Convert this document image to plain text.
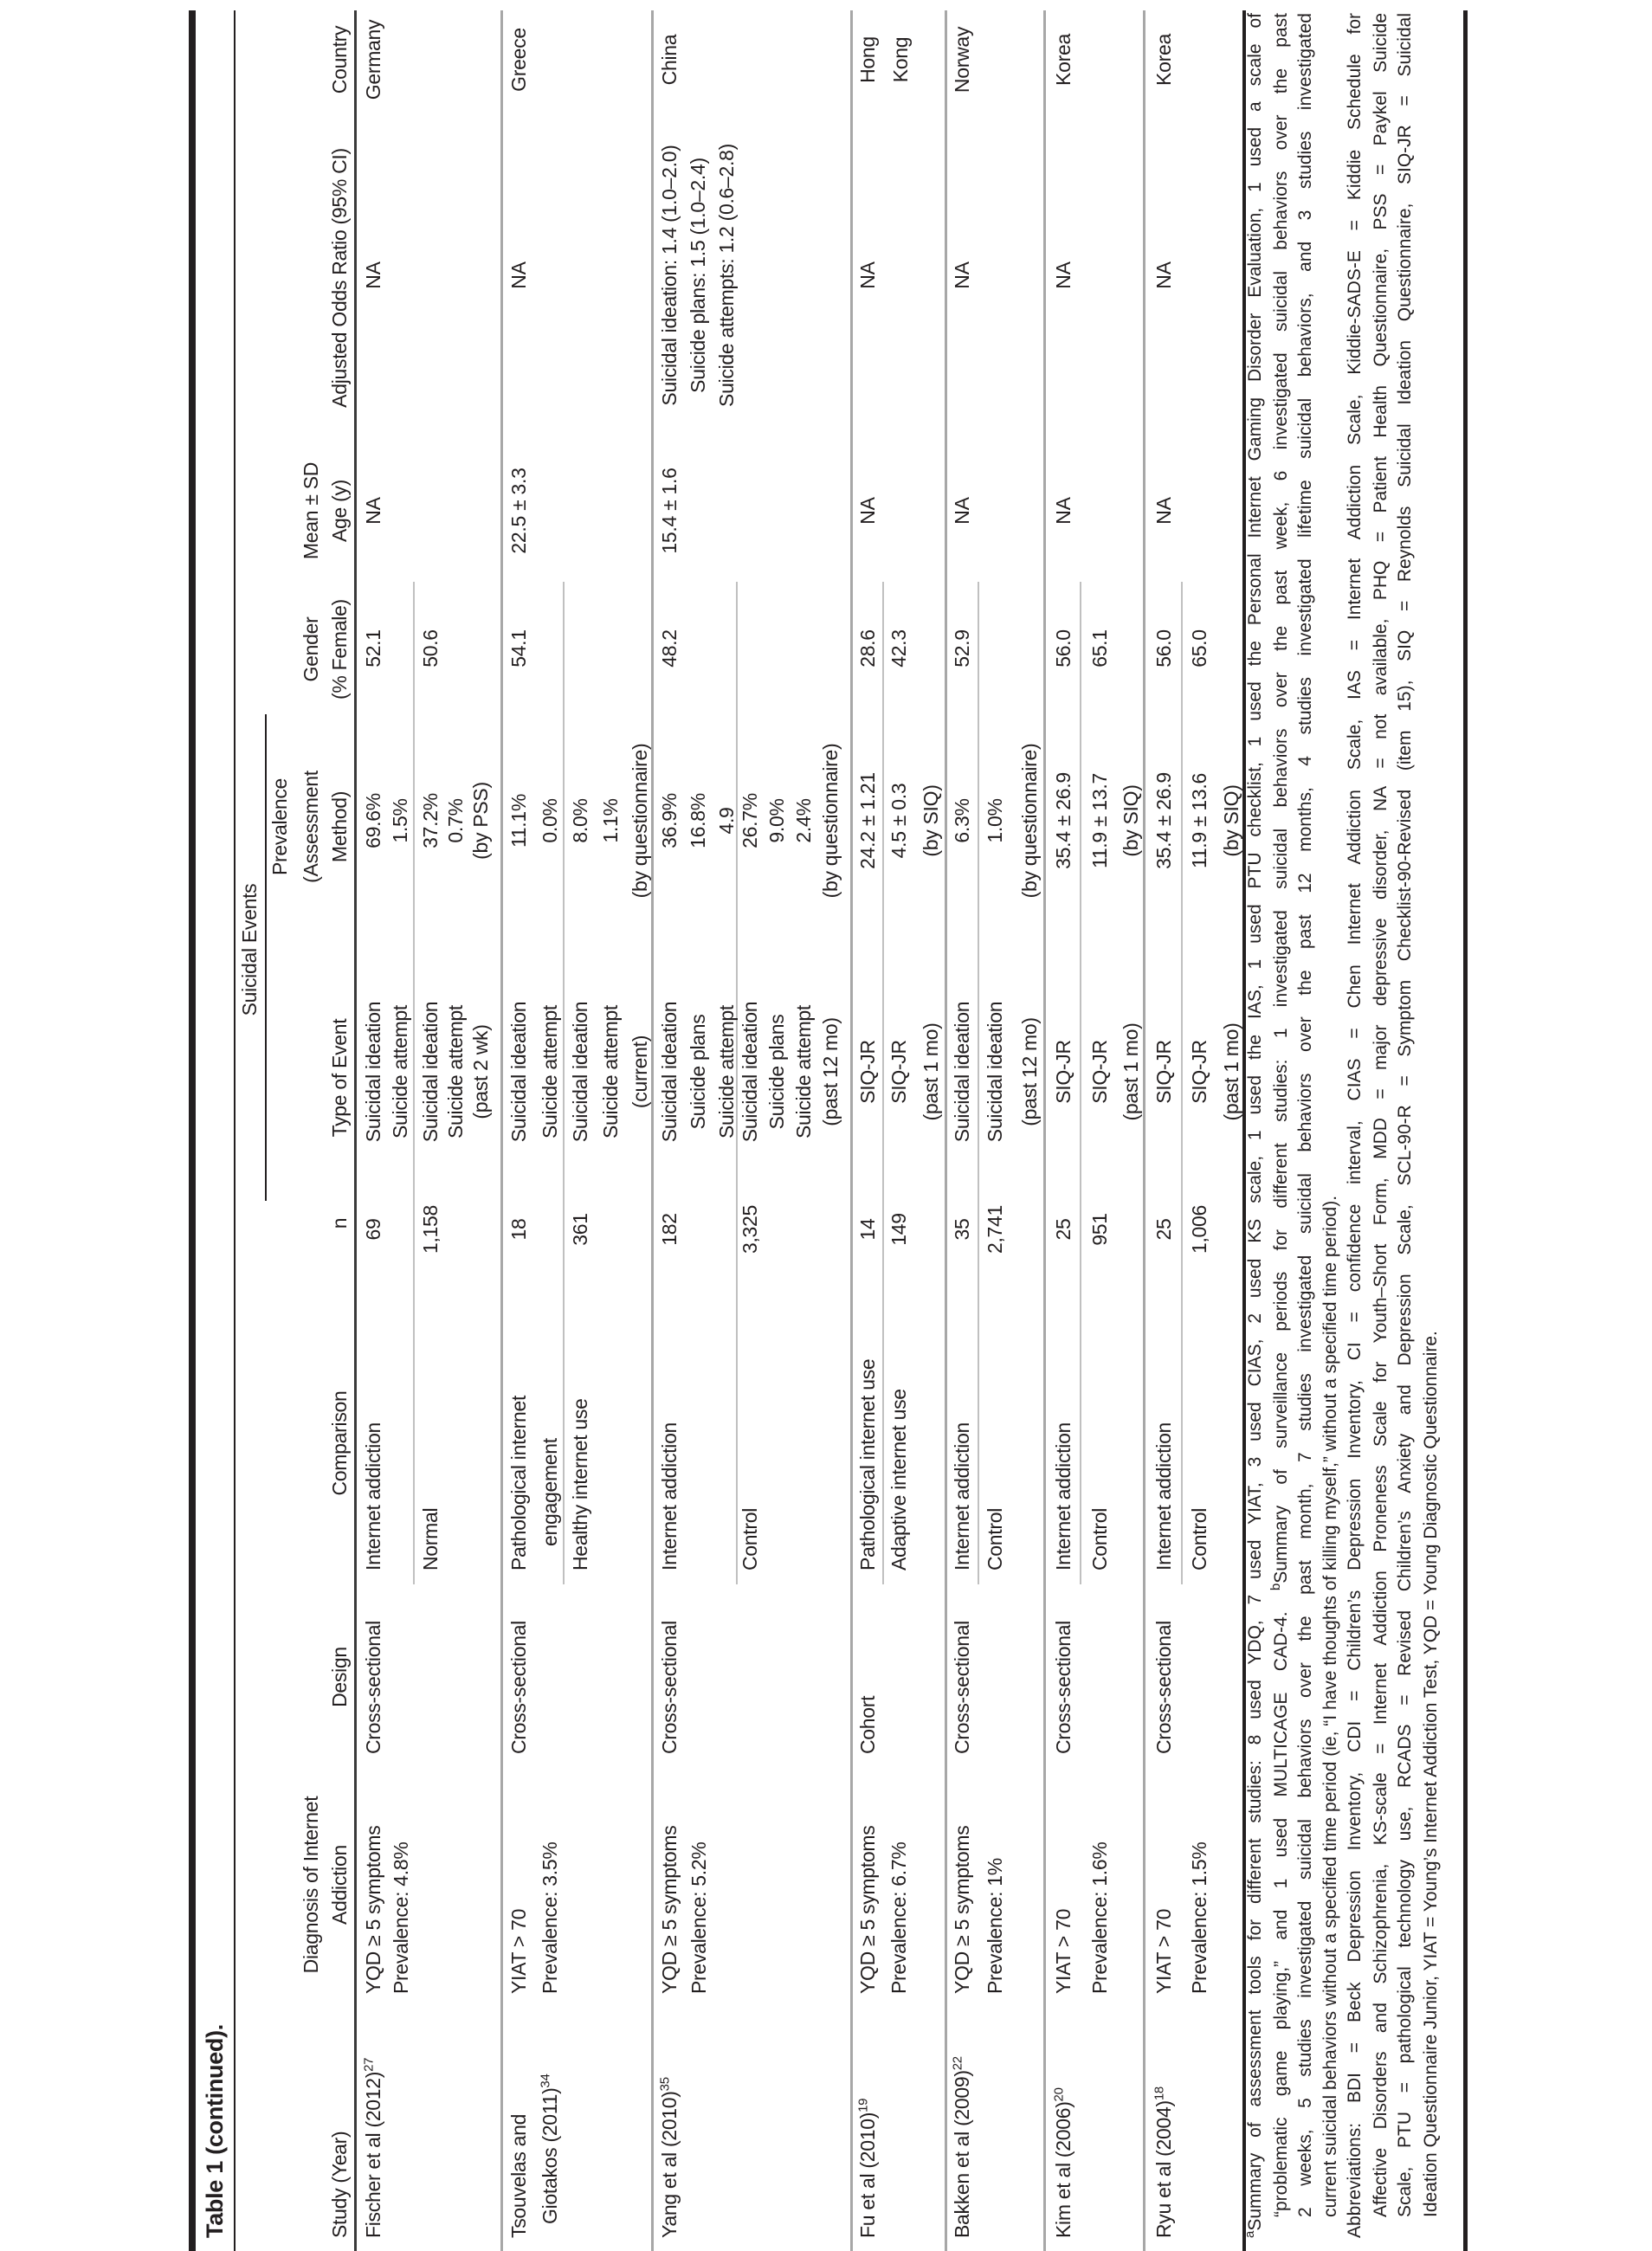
Table 1 (continued).	Study (Year)
Diagnosis of Internet Addiction
Design
Comparison
n
Suicidal Events
Type of Event
Prevalence (Assessment Method)
Gender (% Female)
Mean ± SD Age (y)
Adjusted Odds Ratio (95% CI)
Country
Fischer et al $(2012)^{27}$
YQD ≥ 5 symptoms Prevalence: 4.8%
Cross-sectional
NA
NA
Germany
Internet addiction
69
Suicidal ideation Suicide attempt
69.6% 1.5%
52.1
Normal
1,158
Suicidal ideation Suicide attempt (past 2 wk)
37.2% 0.7% (by PSS)
50.6
Tsouvelas and Giotakos $(2011)^{34}$
YIAT > 70 Prevalence: 3.5%
Cross-sectional
22.5 ± 3.3
NA
Greece
Pathological internet engagement
18
Suicidal ideation Suicide attempt
11.1% 0.0%
54.1
Healthy internet use
361
Suicidal ideation Suicide attempt (current)
8.0% 1.1% (by questionnaire)
Yang et al $(2010)^{35}$
YQD ≥ 5 symptoms Prevalence: 5.2%
Cross-sectional
15.4 ± 1.6
Suicidal ideation: 1.4 (1.0–2.0) Suicide plans: 1.5 (1.0–2.4) Suicide attempts: 1.2 (0.6–2.8)
China
Internet addiction
182
Suicidal ideation Suicide plans Suicide attempt
36.9% 16.8% 4.9
48.2
Control
3,325
Suicidal ideation Suicide plans Suicide attempt (past 12 mo)
26.7% 9.0% 2.4% (by questionnaire)
Fu et al $(2010)^{19}$
YQD ≥ 5 symptoms Prevalence: 6.7%
Cohort
NA
NA
Hong Kong
Pathological internet use
14
SIQ-JR
24.2 ± 1.21
28.6
Adaptive internet use
149
SIQ-JR (past 1 mo)
4.5 ± 0.3 (by SIQ)
42.3
Bakken et al $(2009)^{22}$
YQD ≥ 5 symptoms Prevalence: 1%
Cross-sectional
NA
NA
Norway
Internet addiction
35
Suicidal ideation
6.3%
52.9
Control
2,741
Suicidal ideation (past 12 mo)
1.0% (by questionnaire)
Kim et al $(2006)^{20}$
YIAT > 70 Prevalence: 1.6%
Cross-sectional
NA
NA
Korea
Internet addiction
25
SIQ-JR
35.4 ± 26.9
56.0
Control
951
SIQ-JR (past 1 mo)
11.9 ± 13.7 (by SIQ)
65.1
Ryu et al $(2004)^{18}$
YIAT > 70 Prevalence: 1.5%
Cross-sectional
NA
NA
Korea
Internet addiction
25
SIQ-JR
35.4 ± 26.9
56.0
Control
1,006
SIQ-JR (past 1 mo)
11.9 ± 13.6 (by SIQ)
65.0
$^a$Summary of assessment tools for different studies: 8 used YDQ, 7 used YIAT, 3 used CIAS, 2 used KS scale, 1 used the IAS, 1 used PTU checklist, 1 used the Personal Internet Gaming Disorder Evaluation, 1 used a scale of “problematic game playing,” and 1 used MULTICAGE CAD-4. $^b$Summary of surveillance periods for different studies: 1 investigated suicidal behaviors over the past week, 6 investigated suicidal behaviors over the past 2 weeks, 5 studies investigated suicidal behaviors over the past month, 7 studies investigated suicidal behaviors over the past 12 months, 4 studies investigated lifetime suicidal behaviors, and 3 studies investigated current suicidal behaviors without a specified time period (ie, “I have thoughts of killing myself,” without a specified time period). Abbreviations: BDI = Beck Depression Inventory, CDI = Children’s Depression Inventory, CI = confidence interval, CIAS = Chen Internet Addiction Scale, IAS = Internet Addiction Scale, Kiddie-SADS-E = Kiddie Schedule for Affective Disorders and Schizophrenia, KS-scale = Internet Addiction Proneness Scale for Youth–Short Form, MDD = major depressive disorder, NA = not available, PHQ = Patient Health Questionnaire, PSS = Paykel Suicide Scale, PTU = pathological technology use, RCADS = Revised Children’s Anxiety and Depression Scale, SCL-90-R = Symptom Checklist-90-Revised (item 15), SIQ = Reynolds Suicidal Ideation Questionnaire, SIQ-JR = Suicidal Ideation Questionnaire Junior, YIAT = Young’s Internet Addiction Test, YQD = Young Diagnostic Questionnaire.
